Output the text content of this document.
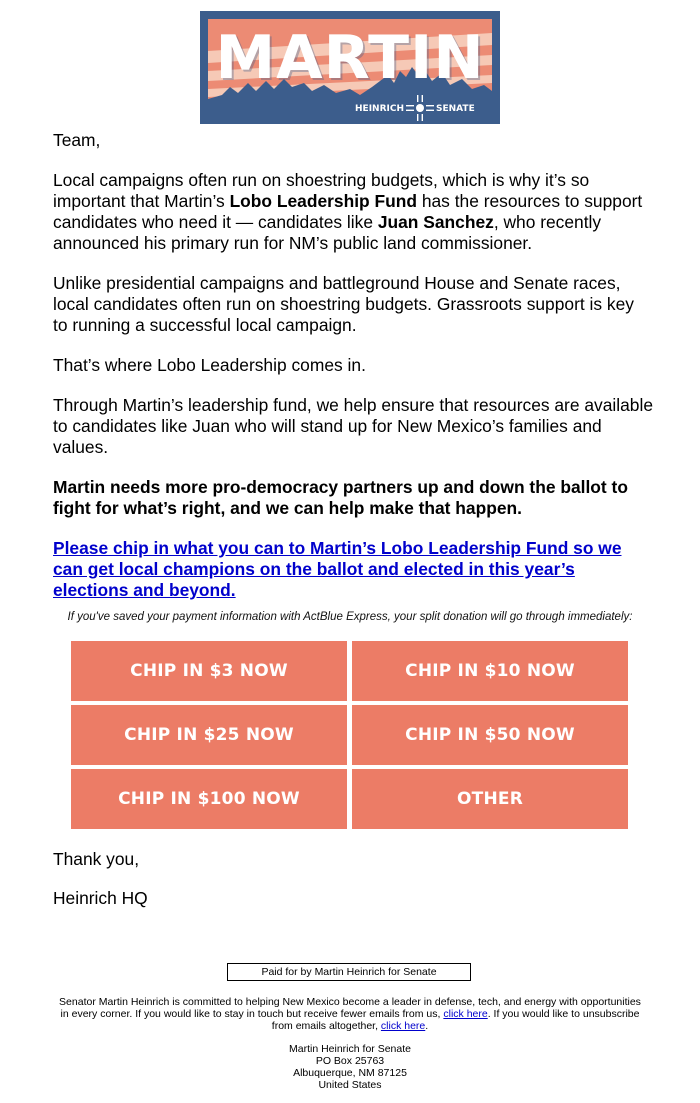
MARTIN
HEINRICH	SENATE

Team,

Local campaigns often run on shoestring budgets, which is why it’s so important that Martin’s Lobo Leadership Fund has the resources to support candidates who need it — candidates like Juan Sanchez, who recently announced his primary run for NM’s public land commissioner.

Unlike presidential campaigns and battleground House and Senate races, local candidates often run on shoestring budgets. Grassroots support is key to running a successful local campaign.

That’s where Lobo Leadership comes in.

Through Martin’s leadership fund, we help ensure that resources are available to candidates like Juan who will stand up for New Mexico’s families and values.

Martin needs more pro-democracy partners up and down the ballot to fight for what’s right, and we can help make that happen.

Please chip in what you can to Martin’s Lobo Leadership Fund so we can get local champions on the ballot and elected in this year’s elections and beyond.

If you've saved your payment information with ActBlue Express, your split donation will go through immediately:
CHIP IN $3 NOW	CHIP IN $10 NOW
CHIP IN $25 NOW	CHIP IN $50 NOW
CHIP IN $100 NOW	OTHER

Thank you,

Heinrich HQ

Paid for by Martin Heinrich for Senate
Senator Martin Heinrich is committed to helping New Mexico become a leader in defense, tech, and energy with opportunities in every corner. If you would like to stay in touch but receive fewer emails from us, click here. If you would like to unsubscribe from emails altogether, click here.
Martin Heinrich for Senate
PO Box 25763
Albuquerque, NM 87125
United States
